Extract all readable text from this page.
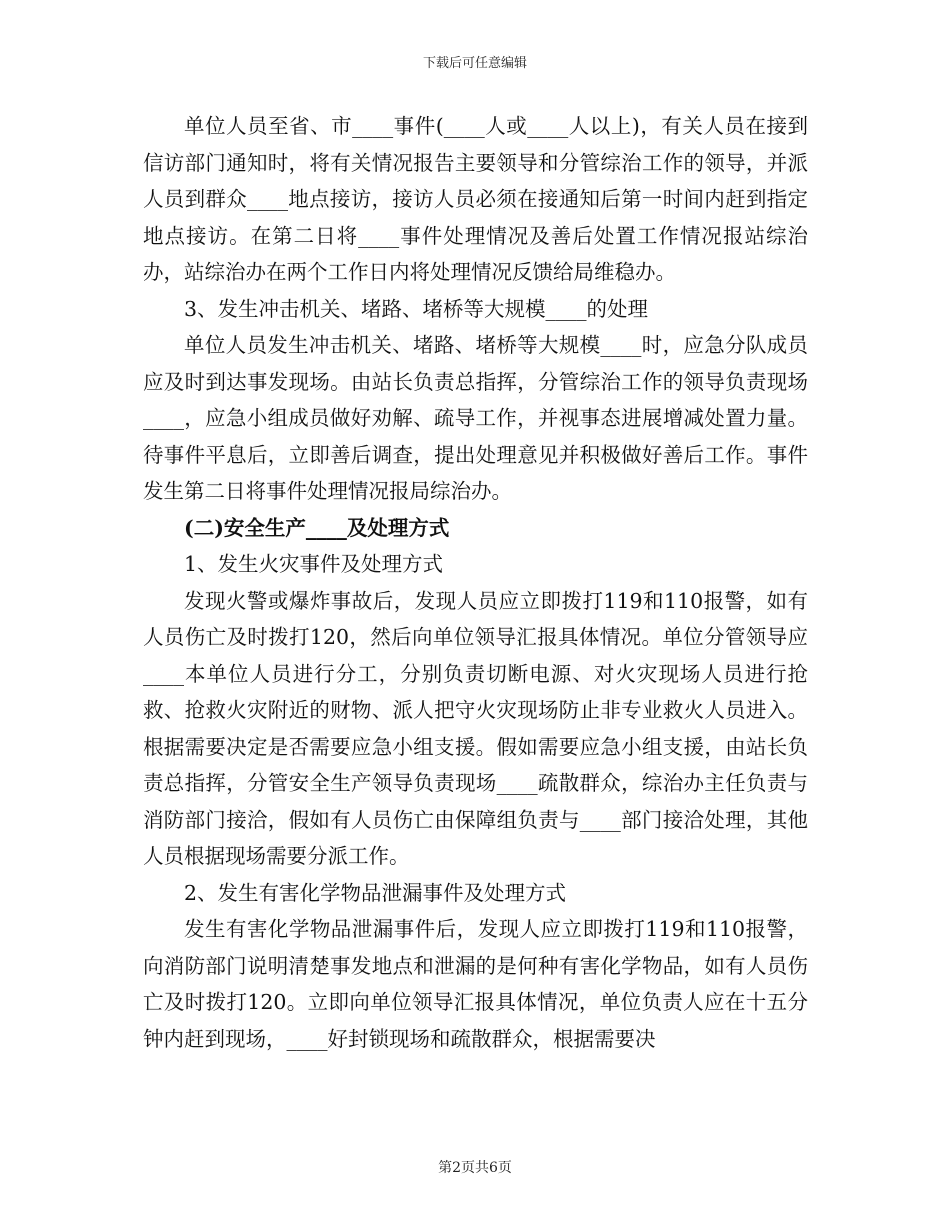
下载后可任意编辑

单位人员至省、市____事件(____人或____人以上)，有关人员在接到信访部门通知时，将有关情况报告主要领导和分管综治工作的领导，并派人员到群众____地点接访，接访人员必须在接通知后第一时间内赶到指定地点接访。在第二日将____事件处理情况及善后处置工作情况报站综治办，站综治办在两个工作日内将处理情况反馈给局维稳办。

3、发生冲击机关、堵路、堵桥等大规模____的处理

单位人员发生冲击机关、堵路、堵桥等大规模____时，应急分队成员应及时到达事发现场。由站长负责总指挥，分管综治工作的领导负责现场____，应急小组成员做好劝解、疏导工作，并视事态进展增减处置力量。待事件平息后，立即善后调查，提出处理意见并积极做好善后工作。事件发生第二日将事件处理情况报局综治办。

(二)安全生产____及处理方式

1、发生火灾事件及处理方式

发现火警或爆炸事故后，发现人员应立即拨打119和110报警，如有人员伤亡及时拨打120，然后向单位领导汇报具体情况。单位分管领导应____本单位人员进行分工，分别负责切断电源、对火灾现场人员进行抢救、抢救火灾附近的财物、派人把守火灾现场防止非专业救火人员进入。根据需要决定是否需要应急小组支援。假如需要应急小组支援，由站长负责总指挥，分管安全生产领导负责现场____疏散群众，综治办主任负责与消防部门接洽，假如有人员伤亡由保障组负责与____部门接洽处理，其他人员根据现场需要分派工作。

2、发生有害化学物品泄漏事件及处理方式

发生有害化学物品泄漏事件后，发现人应立即拨打119和110报警，向消防部门说明清楚事发地点和泄漏的是何种有害化学物品，如有人员伤亡及时拨打120。立即向单位领导汇报具体情况，单位负责人应在十五分钟内赶到现场，____好封锁现场和疏散群众，根据需要决

第2页共6页
